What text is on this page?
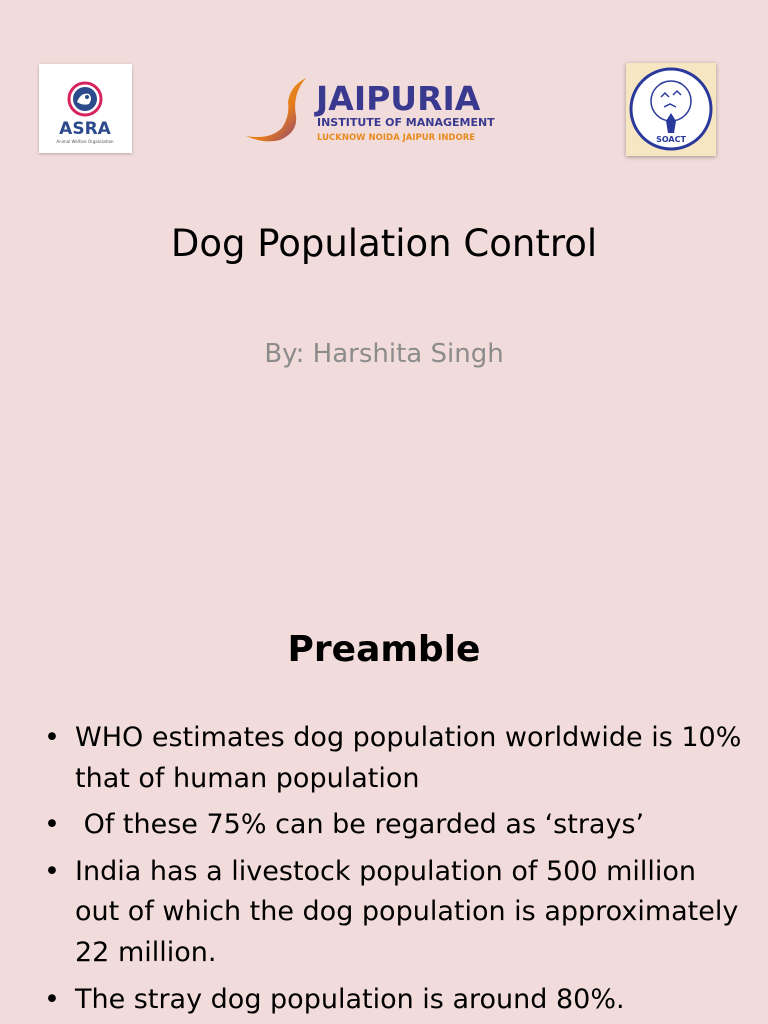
ASRA
Animal Welfare Organization
JAIPURIA
INSTITUTE OF MANAGEMENT
LUCKNOW NOIDA JAIPUR INDORE	SOACT
Dog Population Control

By: Harshita Singh

Preamble
• WHO estimates dog population worldwide is 10% that of human population
• Of these 75% can be regarded as ‘strays’
• India has a livestock population of 500 million out of which the dog population is approximately 22 million.
• The stray dog population is around 80%.
